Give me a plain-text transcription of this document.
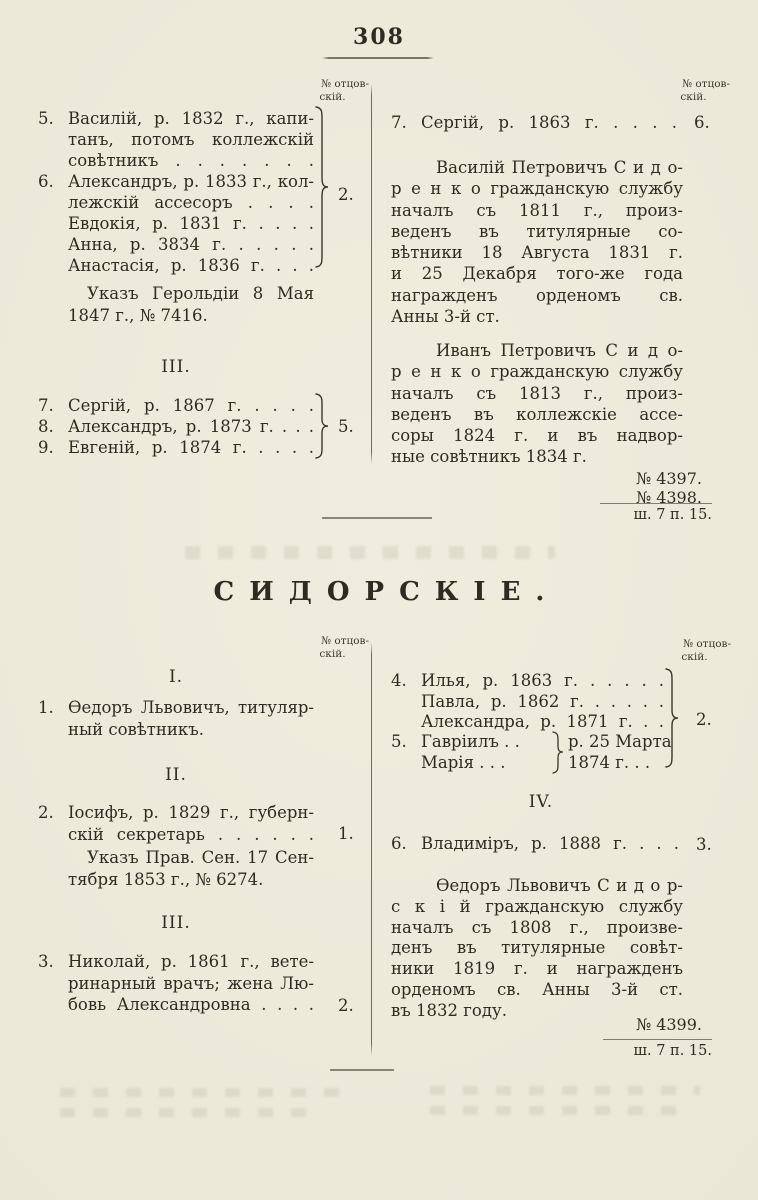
308
№ отцов-
скій.
№ отцов-
скій.
5. Василій, р. 1832 г., капи-
танъ, потомъ коллежскій
совѣтникъ . . . . . . .
6. Александръ, р. 1833 г., кол-
лежскій ассесоръ . . . .
Евдокія, р. 1831 г. . . . .
Анна, р. 3834 г. . . . . .
Анастасія, р. 1836 г. . . .
2.
Указъ Герольдіи 8 Мая
1847 г., № 7416.
III.
7. Сергій, р. 1867 г. . . . .
8. Александръ, р. 1873 г. . . .
9. Евгеній, р. 1874 г. . . . .
5.
7. Сергій, р. 1863 г. . . . . 6.
Василій Петровичъ С и д о-
р е н к о гражданскую службу
началъ съ 1811 г., произ-
веденъ въ титулярные со-
вѣтники 18 Августа 1831 г.
и 25 Декабря того-же года
награжденъ орденомъ св.
Анны 3-й ст.
Иванъ Петровичъ С и д о-
р е н к о гражданскую службу
началъ съ 1813 г., произ-
веденъ въ коллежскіе ассе-
соры 1824 г. и въ надвор-
ные совѣтникъ 1834 г.
№ 4397.
№ 4398.
ш. 7 п. 15.
СИДОРСКІЕ.
№ отцов-
скій.
№ отцов-
скій.
I.
1. Ѳедоръ Львовичъ, титуляр-
ный совѣтникъ.
II.
2. Іосифъ, р. 1829 г., губерн-
скій секретарь . . . . . . 1.
Указъ Прав. Сен. 17 Сен-
тября 1853 г., № 6274.
III.
3. Николай, р. 1861 г., вете-
ринарный врачъ; жена Лю-
бовь Александровна . . . . 2.
4. Илья, р. 1863 г. . . . . .
Павла, р. 1862 г. . . . . .
Александра, р. 1871 г. . .
5. Гавріилъ . .	р. 25 Марта
Марія . . .	1874 г. . .
2.
IV.
6. Владиміръ, р. 1888 г. . . . 3.
Ѳедоръ Львовичъ С и д о р-
с к і й гражданскую службу
началъ съ 1808 г., произве-
денъ въ титулярные совѣт-
ники 1819 г. и награжденъ
орденомъ св. Анны 3-й ст.
въ 1832 году.
№ 4399.
ш. 7 п. 15.
